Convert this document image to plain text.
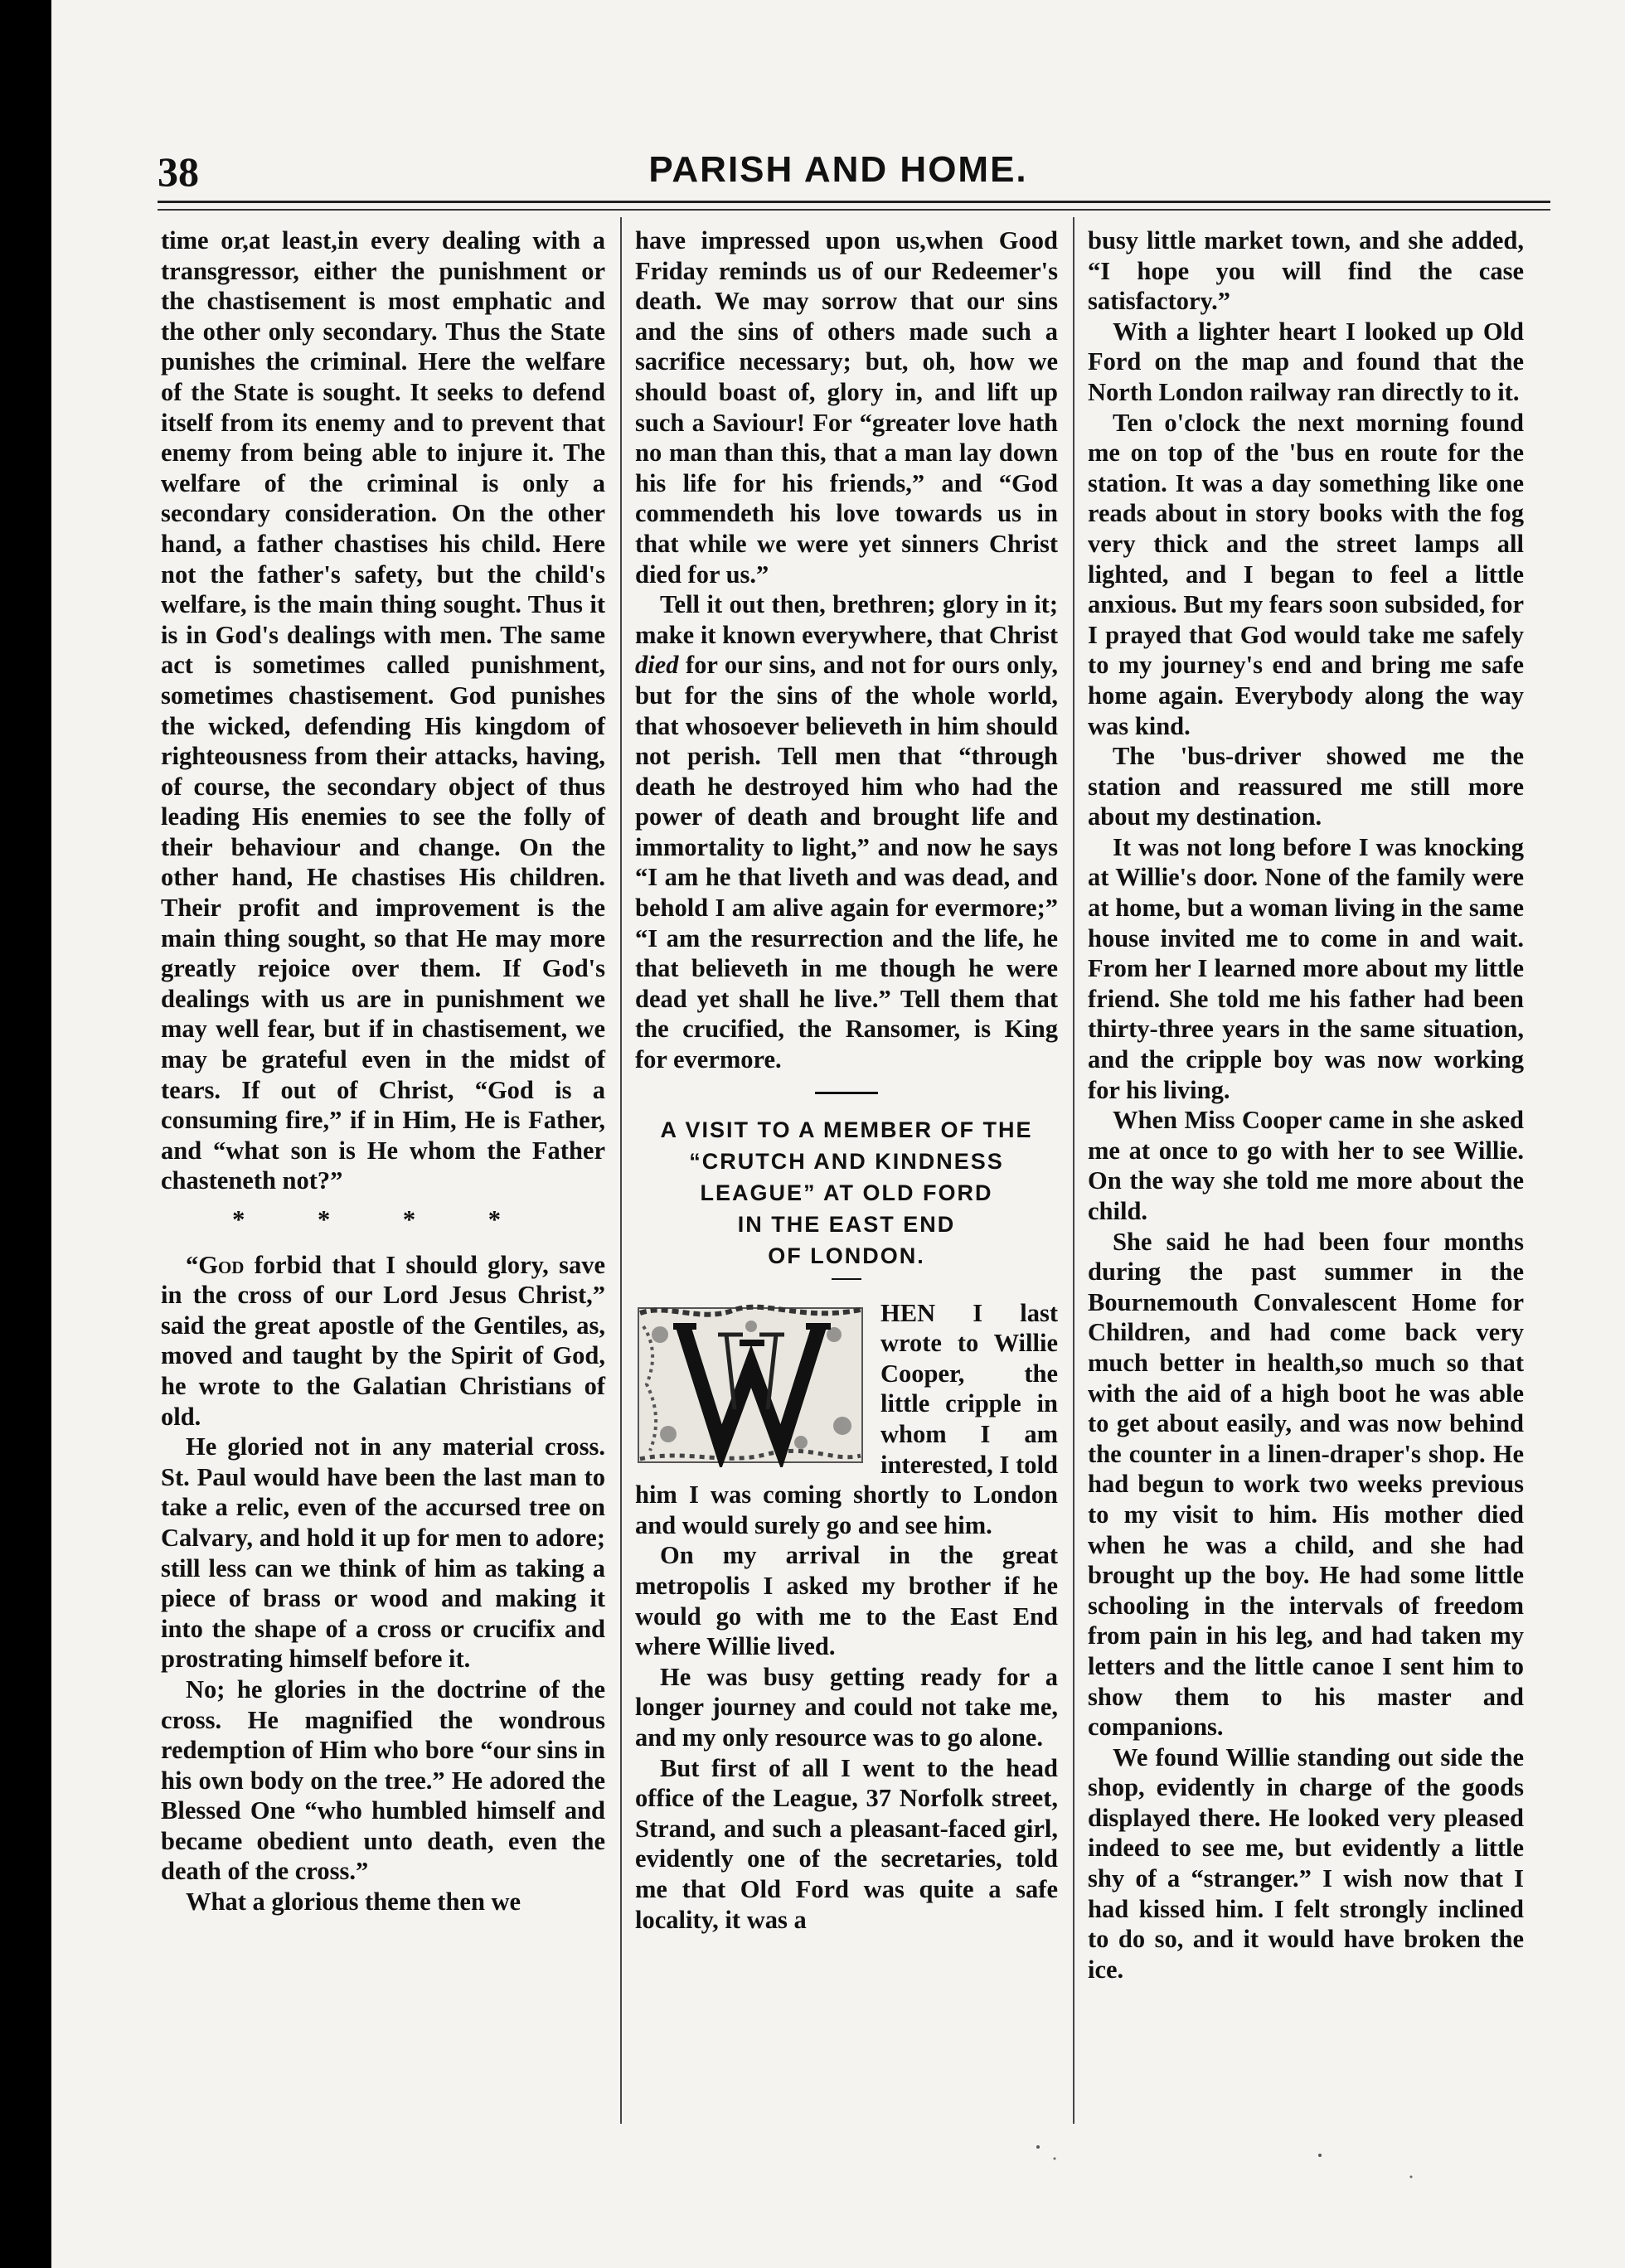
38	PARISH AND HOME.

time or,at least,in every dealing with a transgressor, either the punishment or the chastisement is most emphatic and the other only secondary. Thus the State punishes the criminal. Here the welfare of the State is sought. It seeks to defend itself from its enemy and to prevent that enemy from being able to injure it. The welfare of the criminal is only a secondary consideration. On the other hand, a father chastises his child. Here not the father's safety, but the child's welfare, is the main thing sought. Thus it is in God's dealings with men. The same act is sometimes called punishment, sometimes chastisement. God punishes the wicked, defending His kingdom of righteousness from their attacks, having, of course, the secondary object of thus leading His enemies to see the folly of their behaviour and change. On the other hand, He chastises His children. Their profit and improvement is the main thing sought, so that He may more greatly rejoice over them. If God's dealings with us are in punishment we may well fear, but if in chastisement, we may be grateful even in the midst of tears. If out of Christ, “God is a consuming fire,” if in Him, He is Father, and “what son is He whom the Father chasteneth not?”

* * * *

“God forbid that I should glory, save in the cross of our Lord Jesus Christ,” said the great apostle of the Gentiles, as, moved and taught by the Spirit of God, he wrote to the Galatian Christians of old.

He gloried not in any material cross. St. Paul would have been the last man to take a relic, even of the accursed tree on Calvary, and hold it up for men to adore; still less can we think of him as taking a piece of brass or wood and making it into the shape of a cross or crucifix and prostrating himself before it.

No; he glories in the doctrine of the cross. He magnified the wondrous redemption of Him who bore “our sins in his own body on the tree.” He adored the Blessed One “who humbled himself and became obedient unto death, even the death of the cross.”

What a glorious theme then we

have impressed upon us,when Good Friday reminds us of our Redeemer's death. We may sorrow that our sins and the sins of others made such a sacrifice necessary; but, oh, how we should boast of, glory in, and lift up such a Saviour! For “greater love hath no man than this, that a man lay down his life for his friends,” and “God commendeth his love towards us in that while we were yet sinners Christ died for us.”

Tell it out then, brethren; glory in it; make it known everywhere, that Christ died for our sins, and not for ours only, but for the sins of the whole world, that whosoever believeth in him should not perish. Tell men that “through death he destroyed him who had the power of death and brought life and immortality to light,” and now he says “I am he that liveth and was dead, and behold I am alive again for evermore;” “I am the resurrection and the life, he that believeth in me though he were dead yet shall he live.” Tell them that the crucified, the Ransomer, is King for evermore.

A VISIT TO A MEMBER OF THE
“CRUTCH AND KINDNESS
LEAGUE” AT OLD FORD
IN THE EAST END
OF LONDON.

HEN I last wrote to Willie Cooper, the little cripple in whom I am interested, I told him I was coming shortly to London and would surely go and see him.

On my arrival in the great metropolis I asked my brother if he would go with me to the East End where Willie lived.

He was busy getting ready for a longer journey and could not take me, and my only resource was to go alone.

But first of all I went to the head office of the League, 37 Norfolk street, Strand, and such a pleasant-faced girl, evidently one of the secretaries, told me that Old Ford was quite a safe locality, it was a

busy little market town, and she added, “I hope you will find the case satisfactory.”

With a lighter heart I looked up Old Ford on the map and found that the North London railway ran directly to it.

Ten o'clock the next morning found me on top of the 'bus en route for the station. It was a day something like one reads about in story books with the fog very thick and the street lamps all lighted, and I began to feel a little anxious. But my fears soon subsided, for I prayed that God would take me safely to my journey's end and bring me safe home again. Everybody along the way was kind.

The 'bus-driver showed me the station and reassured me still more about my destination.

It was not long before I was knocking at Willie's door. None of the family were at home, but a woman living in the same house invited me to come in and wait. From her I learned more about my little friend. She told me his father had been thirty-three years in the same situation, and the cripple boy was now working for his living.

When Miss Cooper came in she asked me at once to go with her to see Willie. On the way she told me more about the child.

She said he had been four months during the past summer in the Bournemouth Convalescent Home for Children, and had come back very much better in health,so much so that with the aid of a high boot he was able to get about easily, and was now behind the counter in a linen-draper's shop. He had begun to work two weeks previous to my visit to him. His mother died when he was a child, and she had brought up the boy. He had some little schooling in the intervals of freedom from pain in his leg, and had taken my letters and the little canoe I sent him to show them to his master and companions.

We found Willie standing out side the shop, evidently in charge of the goods displayed there. He looked very pleased indeed to see me, but evidently a little shy of a “stranger.” I wish now that I had kissed him. I felt strongly inclined to do so, and it would have broken the ice.
